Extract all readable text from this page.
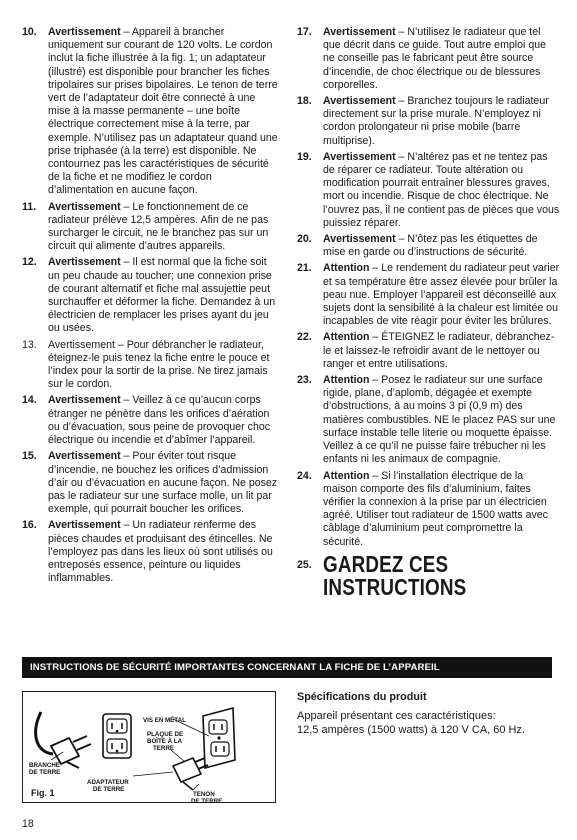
10.	Avertissement – Appareil à brancher uniquement sur courant de 120 volts. Le cordon inclut la fiche illustrée à la fig. 1; un adaptateur (illustré) est disponible pour brancher les fiches tripolaires sur prises bipolaires. Le tenon de terre vert de l’adaptateur doit être connecté à une mise à la masse permanente – une boîte électrique correctement mise à la terre, par exemple. N’utilisez pas un adaptateur quand une prise triphasée (à la terre) est disponible. Ne contournez pas les caractéristiques de sécurité de la fiche et ne modifiez le cordon d’alimentation en aucune façon.
11.	Avertissement – Le fonctionnement de ce radiateur prélève 12,5 ampères. Afin de ne pas surcharger le circuit, ne le branchez pas sur un circuit qui alimente d’autres appareils.
12.	Avertissement – Il est normal que la fiche soit un peu chaude au toucher; une connexion prise de courant alternatif et fiche mal assujettie peut surchauffer et déformer la fiche. Demandez à un électricien de remplacer les prises ayant du jeu ou usées.
13.	Avertissement – Pour débrancher le radiateur, éteignez-le puis tenez la fiche entre le pouce et l’index pour la sortir de la prise. Ne tirez jamais sur le cordon.
14.	Avertissement – Veillez à ce qu’aucun corps étranger ne pénètre dans les orifices d’aération ou d’évacuation, sous peine de provoquer choc électrique ou incendie et d’abîmer l’appareil.
15.	Avertissement – Pour éviter tout risque d’incendie, ne bouchez les orifices d’admission d’air ou d’évacuation en aucune façon. Ne posez pas le radiateur sur une surface molle, un lit par exemple, qui pourrait boucher les orifices.
16.	Avertissement – Un radiateur renferme des pièces chaudes et produisant des étincelles. Ne l’employez pas dans les lieux où sont utilisés ou entreposés essence, peinture ou liquides inflammables.
17.	Avertissement – N’utilisez le radiateur que tel que décrit dans ce guide. Tout autre emploi que ne conseille pas le fabricant peut être source d’incendie, de choc électrique ou de blessures corporelles.
18.	Avertissement – Branchez toujours le radiateur directement sur la prise murale. N’employez ni cordon prolongateur ni prise mobile (barre multiprise).
19.	Avertissement – N’altérez pas et ne tentez pas de réparer ce radiateur. Toute altération ou modification pourrait entraîner blessures graves, mort ou incendie. Risque de choc électrique. Ne l’ouvrez pas, il ne contient pas de pièces que vous puissiez réparer.
20.	Avertissement – N’ôtez pas les étiquettes de mise en garde ou d’instructions de sécurité.
21.	Attention – Le rendement du radiateur peut varier et sa température être assez élevée pour brûler la peau nue. Employer l’appareil est déconseillé aux sujets dont la sensibilité à la chaleur est limitée ou incapables de vite réagir pour éviter les brûlures.
22.	Attention – ÉTEIGNEZ le radiateur, débranchez-le et laissez-le refroidir avant de le nettoyer ou ranger et entre utilisations.
23.	Attention – Posez le radiateur sur une surface rigide, plane, d’aplomb, dégagée et exempte d’obstructions, à au moins 3 pi (0,9 m) des matières combustibles. NE le placez PAS sur une surface instable telle literie ou moquette épaisse. Veillez à ce qu’il ne puisse faire trébucher ni les enfants ni les animaux de compagnie.
24.	Attention – Si l’installation électrique de la maison comporte des fils d’aluminium, faites vérifier la connexion à la prise par un électricien agréé. Utiliser tout radiateur de 1500 watts avec câblage d’aluminium peut compromettre la sécurité.
25. GARDEZ CES
INSTRUCTIONS
INSTRUCTIONS DE SÉCURITÉ IMPORTANTES CONCERNANT LA FICHE DE L’APPAREIL
VIS EN MÉTAL
PLAQUE DE
BOÎTE À LA
TERRE
BRANCHE
DE TERRE
ADAPTATEUR
DE TERRE
TENON
DE TERRE
Fig. 1
Spécifications du produit
Appareil présentant ces caractéristiques:
12,5 ampères (1500 watts) à 120 V CA, 60 Hz.
18
